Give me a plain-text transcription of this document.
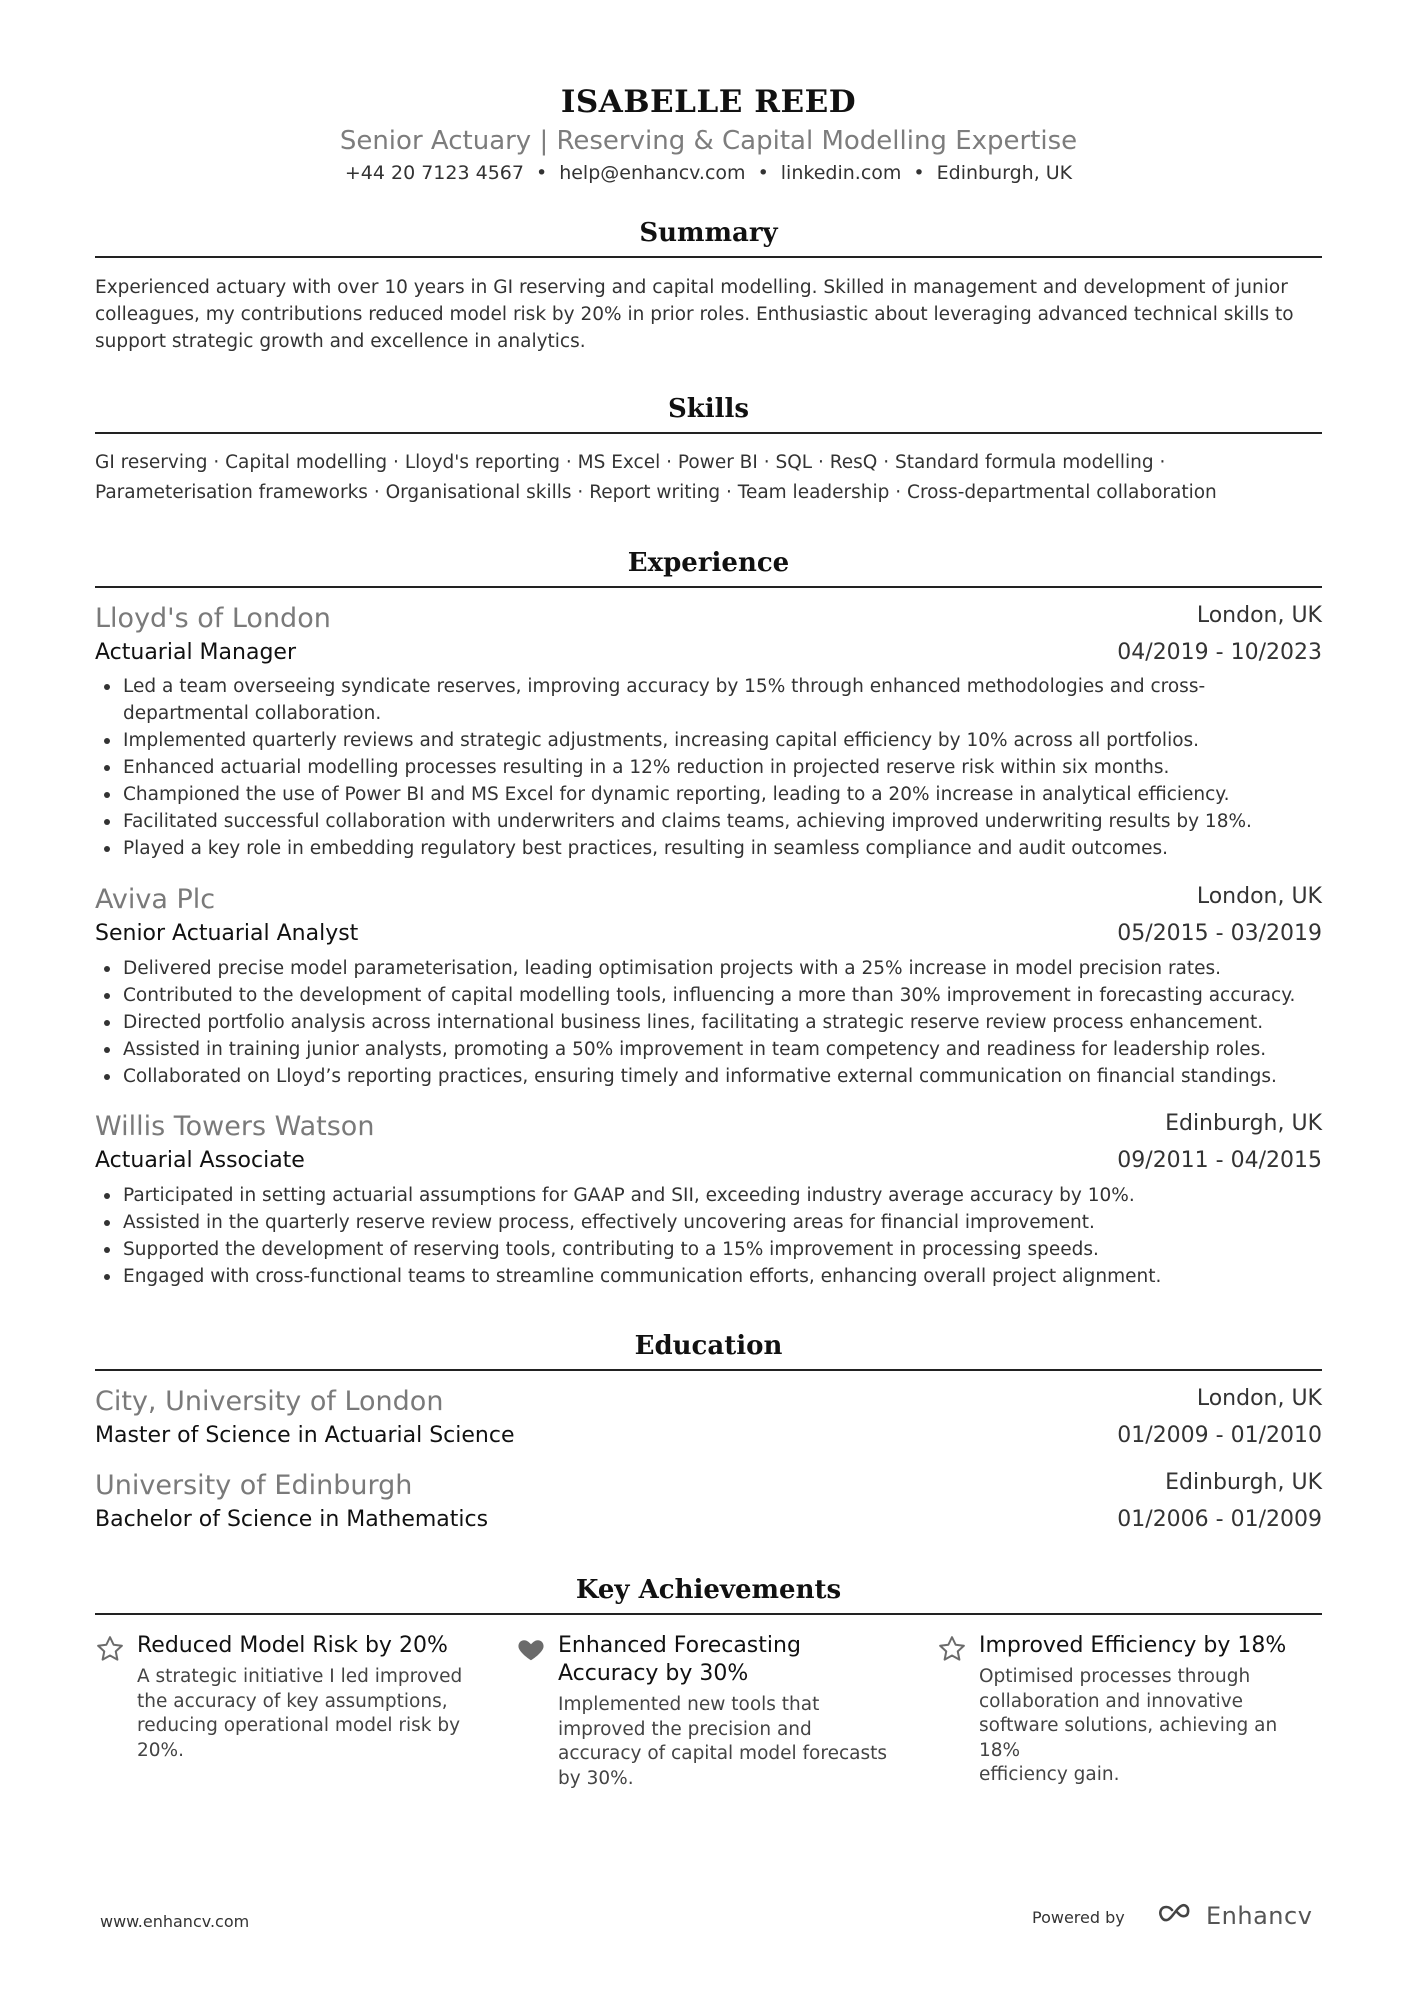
ISABELLE REED
Senior Actuary | Reserving & Capital Modelling Expertise
+44 20 7123 4567 • help@enhancv.com • linkedin.com • Edinburgh, UK
Summary
Experienced actuary with over 10 years in GI reserving and capital modelling. Skilled in management and development of junior
colleagues, my contributions reduced model risk by 20% in prior roles. Enthusiastic about leveraging advanced technical skills to
support strategic growth and excellence in analytics.
Skills
GI reserving · Capital modelling · Lloyd's reporting · MS Excel · Power BI · SQL · ResQ · Standard formula modelling ·
Parameterisation frameworks · Organisational skills · Report writing · Team leadership · Cross-departmental collaboration
Experience
Lloyd's of London	London, UK
Actuarial Manager	04/2019 - 10/2023
Led a team overseeing syndicate reserves, improving accuracy by 15% through enhanced methodologies and cross-
departmental collaboration.
Implemented quarterly reviews and strategic adjustments, increasing capital efficiency by 10% across all portfolios.
Enhanced actuarial modelling processes resulting in a 12% reduction in projected reserve risk within six months.
Championed the use of Power BI and MS Excel for dynamic reporting, leading to a 20% increase in analytical efficiency.
Facilitated successful collaboration with underwriters and claims teams, achieving improved underwriting results by 18%.
Played a key role in embedding regulatory best practices, resulting in seamless compliance and audit outcomes.
Aviva Plc	London, UK
Senior Actuarial Analyst	05/2015 - 03/2019
Delivered precise model parameterisation, leading optimisation projects with a 25% increase in model precision rates.
Contributed to the development of capital modelling tools, influencing a more than 30% improvement in forecasting accuracy.
Directed portfolio analysis across international business lines, facilitating a strategic reserve review process enhancement.
Assisted in training junior analysts, promoting a 50% improvement in team competency and readiness for leadership roles.
Collaborated on Lloyd’s reporting practices, ensuring timely and informative external communication on financial standings.
Willis Towers Watson	Edinburgh, UK
Actuarial Associate	09/2011 - 04/2015
Participated in setting actuarial assumptions for GAAP and SII, exceeding industry average accuracy by 10%.
Assisted in the quarterly reserve review process, effectively uncovering areas for financial improvement.
Supported the development of reserving tools, contributing to a 15% improvement in processing speeds.
Engaged with cross-functional teams to streamline communication efforts, enhancing overall project alignment.
Education
City, University of London	London, UK
Master of Science in Actuarial Science	01/2009 - 01/2010
University of Edinburgh	Edinburgh, UK
Bachelor of Science in Mathematics	01/2006 - 01/2009
Key Achievements
Reduced Model Risk by 20%
A strategic initiative I led improved
the accuracy of key assumptions,
reducing operational model risk by
20%.
Enhanced Forecasting
Accuracy by 30%
Implemented new tools that
improved the precision and
accuracy of capital model forecasts
by 30%.
Improved Efficiency by 18%
Optimised processes through
collaboration and innovative
software solutions, achieving an 18%
efficiency gain.
www.enhancv.com	Powered by	Enhancv
